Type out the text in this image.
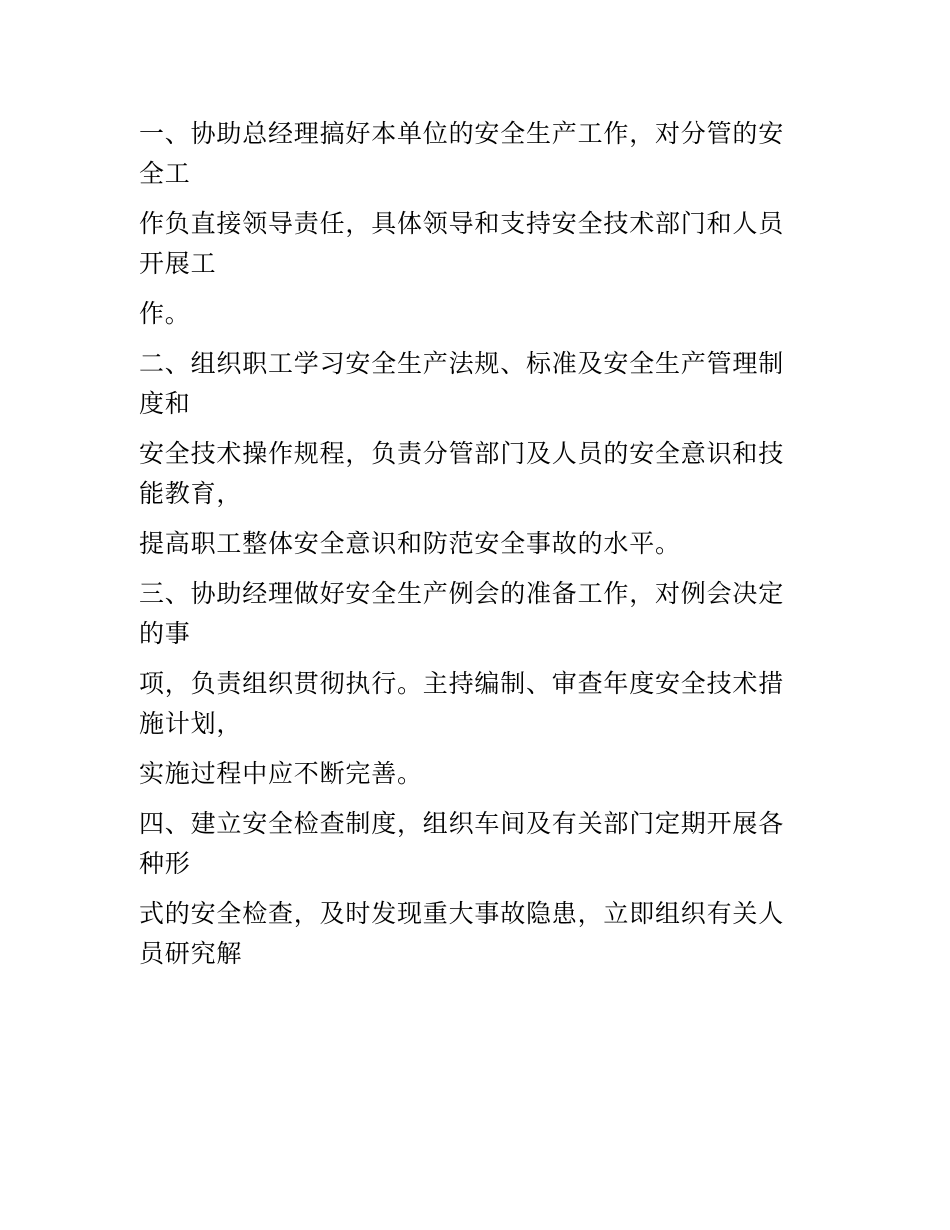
一、协助总经理搞好本单位的安全生产工作，对分管的安
全工

作负直接领导责任，具体领导和支持安全技术部门和人员
开展工

作。

二、组织职工学习安全生产法规、标准及安全生产管理制
度和

安全技术操作规程，负责分管部门及人员的安全意识和技
能教育，

提高职工整体安全意识和防范安全事故的水平。

三、协助经理做好安全生产例会的准备工作，对例会决定
的事

项，负责组织贯彻执行。主持编制、审查年度安全技术措
施计划，

实施过程中应不断完善。

四、建立安全检查制度，组织车间及有关部门定期开展各
种形

式的安全检查，及时发现重大事故隐患，立即组织有关人
员研究解
